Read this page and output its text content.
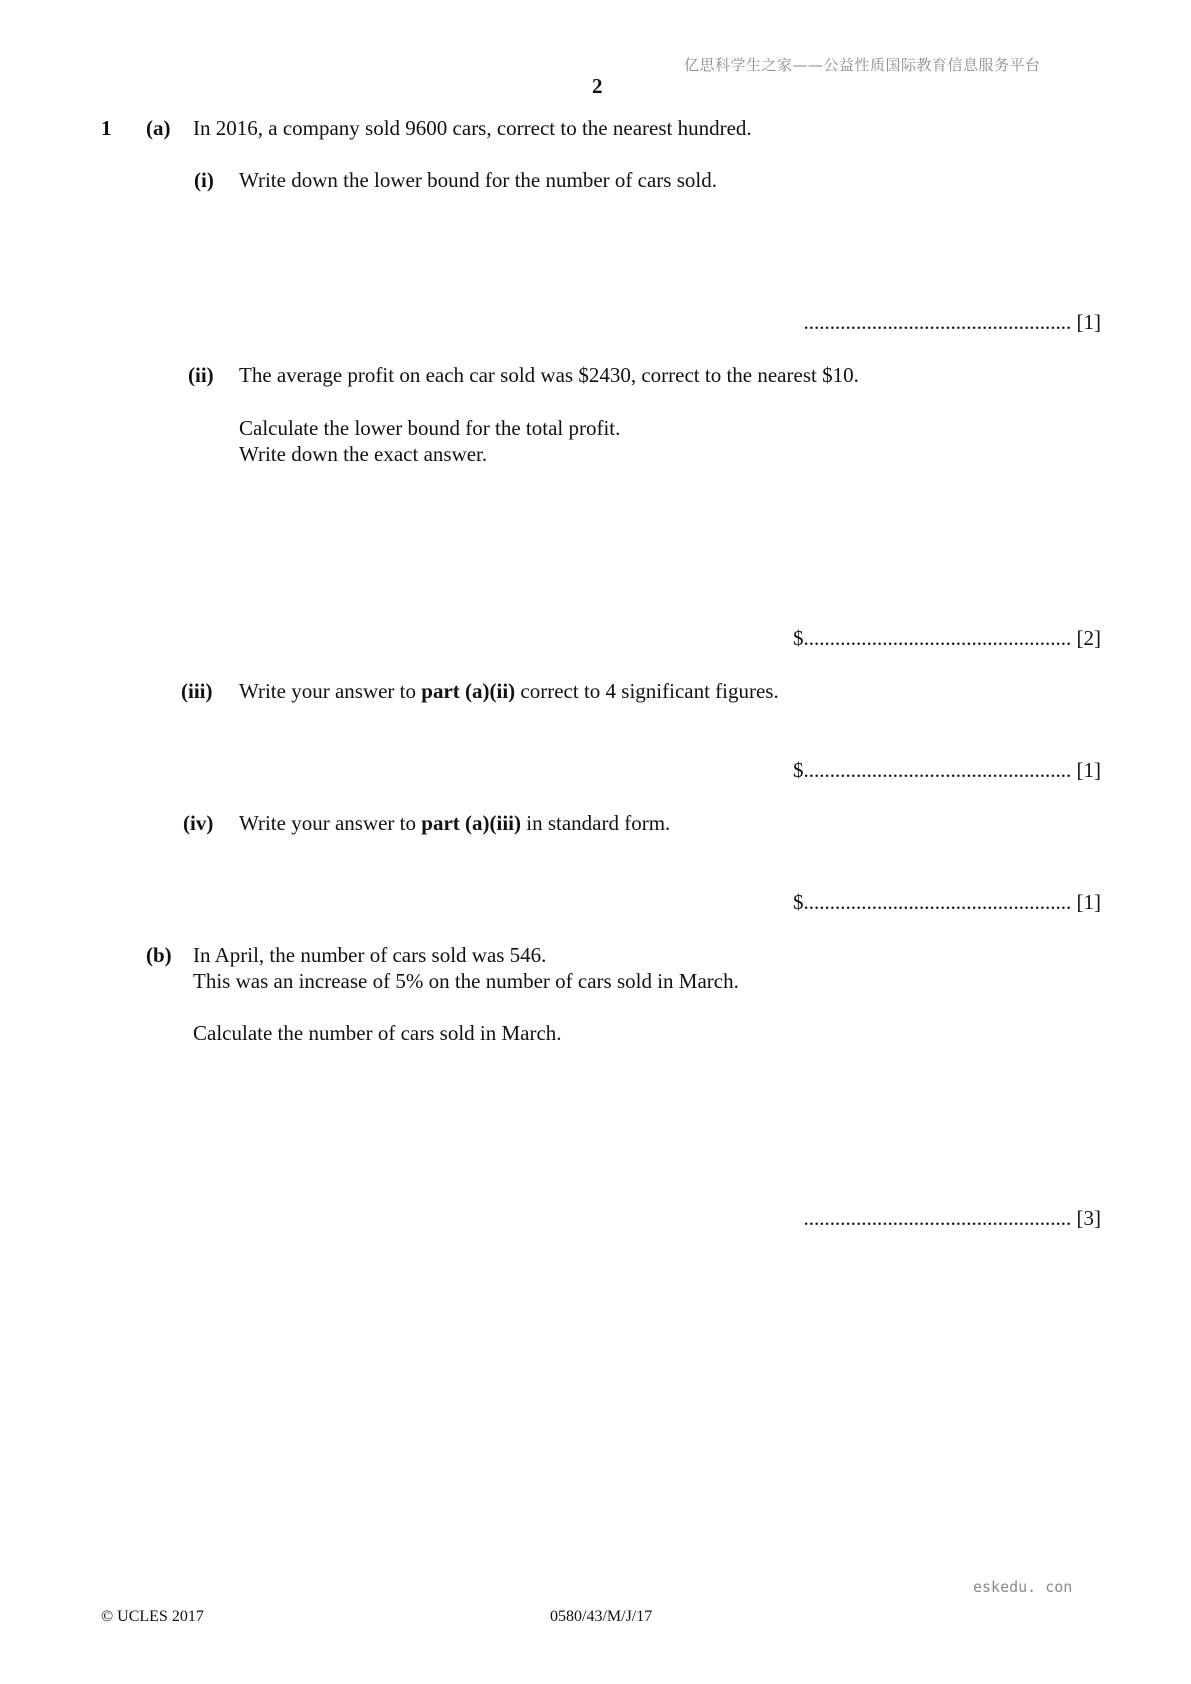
亿思科学生之家——公益性质国际教育信息服务平台
2
1 (a) In 2016, a company sold 9600 cars, correct to the nearest hundred.
(i) Write down the lower bound for the number of cars sold.
................................................... [1]
(ii) The average profit on each car sold was $2430, correct to the nearest $10.
Calculate the lower bound for the total profit.
Write down the exact answer.
$................................................... [2]
(iii) Write your answer to part (a)(ii) correct to 4 significant figures.
$................................................... [1]
(iv) Write your answer to part (a)(iii) in standard form.
$................................................... [1]
(b) In April, the number of cars sold was 546.
This was an increase of 5% on the number of cars sold in March.
Calculate the number of cars sold in March.
................................................... [3]
eskedu. con
© UCLES 2017	0580/43/M/J/17
